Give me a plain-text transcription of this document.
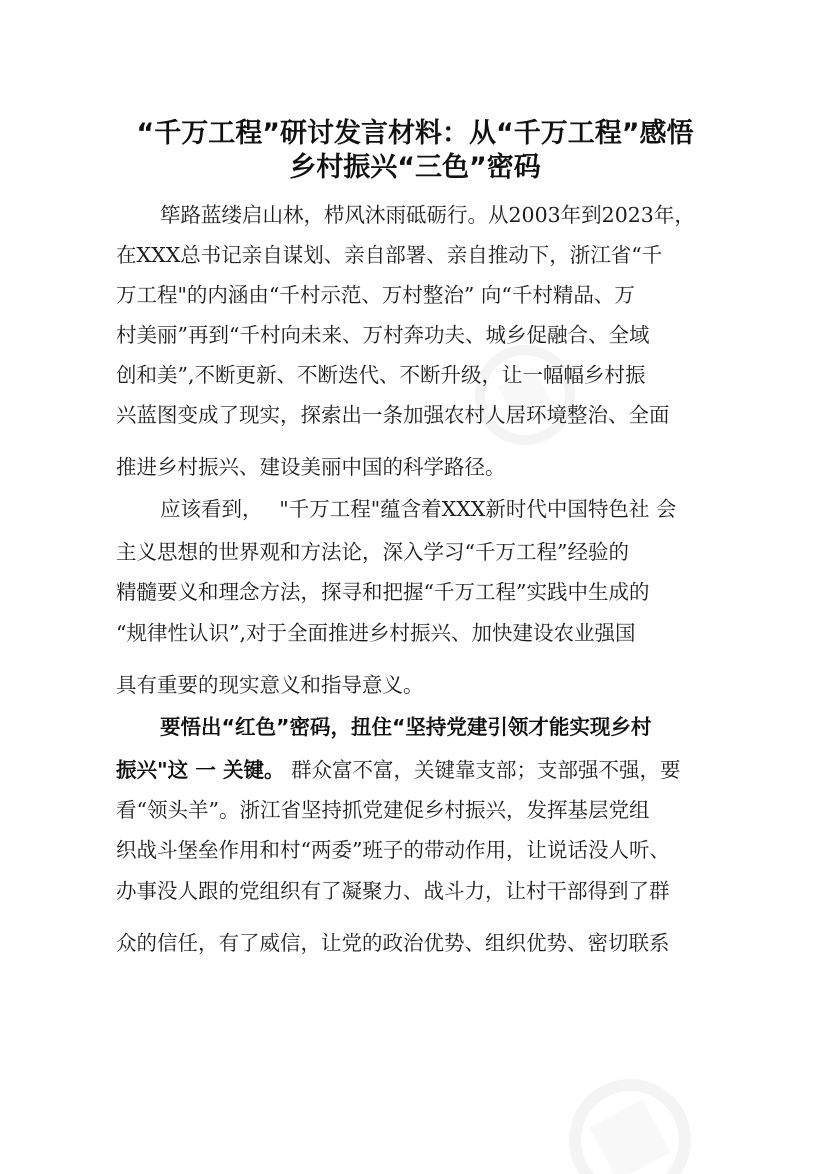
“千万工程”研讨发言材料：从“千万工程”感悟
乡村振兴“三色”密码
筚路蓝缕启山林，栉风沐雨砥砺行。从2003年到2023年，
在XXX总书记亲自谋划、亲自部署、亲自推动下，浙江省“千
万工程"的内涵由“千村示范、万村整治” 向“千村精品、万
村美丽”再到“千村向未来、万村奔功夫、城乡促融合、全域
创和美”,不断更新、不断迭代、不断升级，让一幅幅乡村振
兴蓝图变成了现实，探索出一条加强农村人居环境整治、全面
推进乡村振兴、建设美丽中国的科学路径。
应该看到，　 "千万工程"蕴含着XXX新时代中国特色社 会
主义思想的世界观和方法论，深入学习“千万工程”经验的
精髓要义和理念方法，探寻和把握“千万工程”实践中生成的
“规律性认识”,对于全面推进乡村振兴、加快建设农业强国
具有重要的现实意义和指导意义。
要悟出“红色”密码，扭住“坚持党建引领才能实现乡村
振兴"这 一 关键。 群众富不富，关键靠支部；支部强不强，要
看“领头羊”。浙江省坚持抓党建促乡村振兴，发挥基层党组
织战斗堡垒作用和村“两委”班子的带动作用，让说话没人听、
办事没人跟的党组织有了凝聚力、战斗力，让村干部得到了群
众的信任，有了威信，让党的政治优势、组织优势、密切联系
